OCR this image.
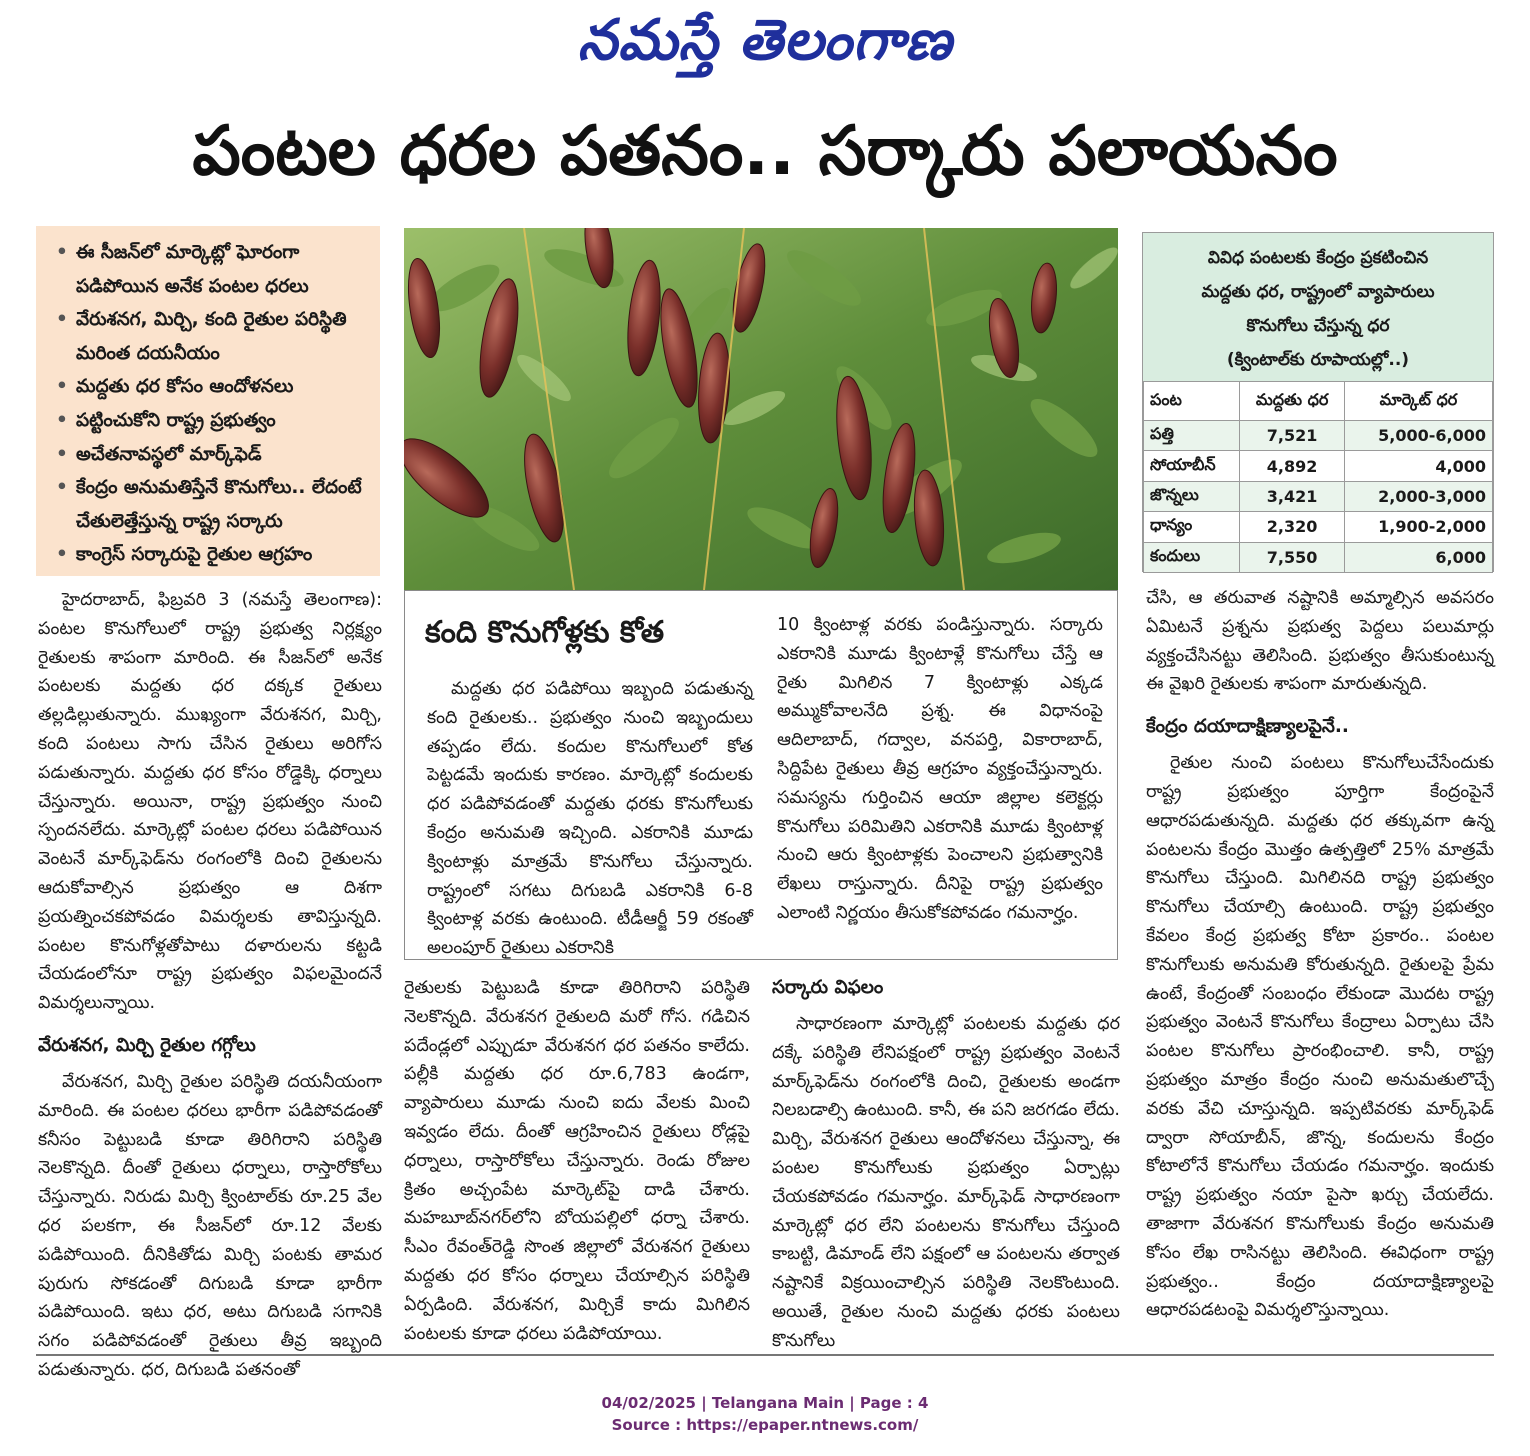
నమస్తే తెలంగాణ
పంటల ధరల పతనం.. సర్కారు పలాయనం
• ఈ సీజన్‌లో మార్కెట్లో ఘోరంగా పడిపోయిన అనేక పంటల ధరలు
• వేరుశనగ, మిర్చి, కంది రైతుల పరిస్థితి మరింత దయనీయం
• మద్దతు ధర కోసం ఆందోళనలు
• పట్టించుకోని రాష్ట్ర ప్రభుత్వం
• అచేతనావస్థలో మార్క్‌ఫెడ్
• కేంద్రం అనుమతిస్తేనే కొనుగోలు.. లేదంటే చేతులెత్తేస్తున్న రాష్ట్ర సర్కారు
• కాంగ్రెస్ సర్కారుపై రైతుల ఆగ్రహం
వివిధ పంటలకు కేంద్రం ప్రకటించిన
మద్దతు ధర, రాష్ట్రంలో వ్యాపారులు
కొనుగోలు చేస్తున్న ధర
(క్వింటాల్‌కు రూపాయల్లో..)
పంట	మద్దతు ధర	మార్కెట్ ధర
పత్తి	7,521	5,000-6,000
సోయాబీన్	4,892	4,000
జొన్నలు	3,421	2,000-3,000
ధాన్యం	2,320	1,900-2,000
కందులు	7,550	6,000

హైదరాబాద్, ఫిబ్రవరి 3 (నమస్తే తెలంగాణ): పంటల కొనుగోలులో రాష్ట్ర ప్రభుత్వ నిర్లక్ష్యం రైతులకు శాపంగా మారింది. ఈ సీజన్‌లో అనేక పంటలకు మద్దతు ధర దక్కక రైతులు తల్లడిల్లుతున్నారు. ముఖ్యంగా వేరుశనగ, మిర్చి, కంది పంటలు సాగు చేసిన రైతులు అరిగోస పడుతున్నారు. మద్దతు ధర కోసం రోడ్డెక్కి ధర్నాలు చేస్తున్నారు. అయినా, రాష్ట్ర ప్రభుత్వం నుంచి స్పందనలేదు. మార్కెట్లో పంటల ధరలు పడిపోయిన వెంటనే మార్క్‌ఫెడ్‌ను రంగంలోకి దించి రైతులను ఆదుకోవాల్సిన ప్రభుత్వం ఆ దిశగా ప్రయత్నించకపోవడం విమర్శలకు తావిస్తున్నది. పంటల కొనుగోళ్లతోపాటు దళారులను కట్టడి చేయడంలోనూ రాష్ట్ర ప్రభుత్వం విఫలమైందనే విమర్శలున్నాయి.

వేరుశనగ, మిర్చి రైతుల గగ్గోలు

వేరుశనగ, మిర్చి రైతుల పరిస్థితి దయనీయంగా మారింది. ఈ పంటల ధరలు భారీగా పడిపోవడంతో కనీసం పెట్టుబడి కూడా తిరిగిరాని పరిస్థితి నెలకొన్నది. దీంతో రైతులు ధర్నాలు, రాస్తారోకోలు చేస్తున్నారు. నిరుడు మిర్చి క్వింటాల్‌కు రూ.25 వేల ధర పలకగా, ఈ సీజన్‌లో రూ.12 వేలకు పడిపోయింది. దీనికితోడు మిర్చి పంటకు తామర పురుగు సోకడంతో దిగుబడి కూడా భారీగా పడిపోయింది. ఇటు ధర, అటు దిగుబడి సగానికి సగం పడిపోవడంతో రైతులు తీవ్ర ఇబ్బంది పడుతున్నారు. ధర, దిగుబడి పతనంతో

కంది కొనుగోళ్లకు కోత

మద్దతు ధర పడిపోయి ఇబ్బంది పడుతున్న కంది రైతులకు.. ప్రభుత్వం నుంచి ఇబ్బందులు తప్పడం లేదు. కందుల కొనుగోలులో కోత పెట్టడమే ఇందుకు కారణం. మార్కెట్లో కందులకు ధర పడిపోవడంతో మద్దతు ధరకు కొనుగోలుకు కేంద్రం అనుమతి ఇచ్చింది. ఎకరానికి మూడు క్వింటాళ్లు మాత్రమే కొనుగోలు చేస్తున్నారు. రాష్ట్రంలో సగటు దిగుబడి ఎకరానికి 6-8 క్వింటాళ్ల వరకు ఉంటుంది. టీడీఆర్జీ 59 రకంతో అలంపూర్ రైతులు ఎకరానికి

10 క్వింటాళ్ల వరకు పండిస్తున్నారు. సర్కారు ఎకరానికి మూడు క్వింటాళ్లే కొనుగోలు చేస్తే ఆ రైతు మిగిలిన 7 క్వింటాళ్లు ఎక్కడ అమ్ముకోవాలనేది ప్రశ్న. ఈ విధానంపై ఆదిలాబాద్, గద్వాల, వనపర్తి, వికారాబాద్, సిద్దిపేట రైతులు తీవ్ర ఆగ్రహం వ్యక్తంచేస్తున్నారు. సమస్యను గుర్తించిన ఆయా జిల్లాల కలెక్టర్లు కొనుగోలు పరిమితిని ఎకరానికి మూడు క్వింటాళ్ల నుంచి ఆరు క్వింటాళ్లకు పెంచాలని ప్రభుత్వానికి లేఖలు రాస్తున్నారు. దీనిపై రాష్ట్ర ప్రభుత్వం ఎలాంటి నిర్ణయం తీసుకోకపోవడం గమనార్హం.

రైతులకు పెట్టుబడి కూడా తిరిగిరాని పరిస్థితి నెలకొన్నది. వేరుశనగ రైతులది మరో గోస. గడిచిన పదేండ్లలో ఎప్పుడూ వేరుశనగ ధర పతనం కాలేదు. పల్లీకి మద్దతు ధర రూ.6,783 ఉండగా, వ్యాపారులు మూడు నుంచి ఐదు వేలకు మించి ఇవ్వడం లేదు. దీంతో ఆగ్రహించిన రైతులు రోడ్లపై ధర్నాలు, రాస్తారోకోలు చేస్తున్నారు. రెండు రోజుల క్రితం అచ్చంపేట మార్కెట్‌పై దాడి చేశారు. మహబూబ్‌నగర్‌లోని బోయపల్లిలో ధర్నా చేశారు. సీఎం రేవంత్‌రెడ్డి సొంత జిల్లాలో వేరుశనగ రైతులు మద్దతు ధర కోసం ధర్నాలు చేయాల్సిన పరిస్థితి ఏర్పడింది. వేరుశనగ, మిర్చికే కాదు మిగిలిన పంటలకు కూడా ధరలు పడిపోయాయి.

సర్కారు విఫలం

సాధారణంగా మార్కెట్లో పంటలకు మద్దతు ధర దక్కే పరిస్థితి లేనిపక్షంలో రాష్ట్ర ప్రభుత్వం వెంటనే మార్క్‌ఫెడ్‌ను రంగంలోకి దించి, రైతులకు అండగా నిలబడాల్సి ఉంటుంది. కానీ, ఈ పని జరగడం లేదు. మిర్చి, వేరుశనగ రైతులు ఆందోళనలు చేస్తున్నా, ఈ పంటల కొనుగోలుకు ప్రభుత్వం ఏర్పాట్లు చేయకపోవడం గమనార్హం. మార్క్‌ఫెడ్ సాధారణంగా మార్కెట్లో ధర లేని పంటలను కొనుగోలు చేస్తుంది కాబట్టి, డిమాండ్ లేని పక్షంలో ఆ పంటలను తర్వాత నష్టానికే విక్రయించాల్సిన పరిస్థితి నెలకొంటుంది. అయితే, రైతుల నుంచి మద్దతు ధరకు పంటలు కొనుగోలు

చేసి, ఆ తరువాత నష్టానికి అమ్మాల్సిన అవసరం ఏమిటనే ప్రశ్నను ప్రభుత్వ పెద్దలు పలుమార్లు వ్యక్తంచేసినట్టు తెలిసింది. ప్రభుత్వం తీసుకుంటున్న ఈ వైఖరి రైతులకు శాపంగా మారుతున్నది.

కేంద్రం దయాదాక్షిణ్యాలపైనే..

రైతుల నుంచి పంటలు కొనుగోలుచేసేందుకు రాష్ట్ర ప్రభుత్వం పూర్తిగా కేంద్రంపైనే ఆధారపడుతున్నది. మద్దతు ధర తక్కువగా ఉన్న పంటలను కేంద్రం మొత్తం ఉత్పత్తిలో 25% మాత్రమే కొనుగోలు చేస్తుంది. మిగిలినది రాష్ట్ర ప్రభుత్వం కొనుగోలు చేయాల్సి ఉంటుంది. రాష్ట్ర ప్రభుత్వం కేవలం కేంద్ర ప్రభుత్వ కోటా ప్రకారం.. పంటల కొనుగోలుకు అనుమతి కోరుతున్నది. రైతులపై ప్రేమ ఉంటే, కేంద్రంతో సంబంధం లేకుండా మొదట రాష్ట్ర ప్రభుత్వం వెంటనే కొనుగోలు కేంద్రాలు ఏర్పాటు చేసి పంటల కొనుగోలు ప్రారంభించాలి. కానీ, రాష్ట్ర ప్రభుత్వం మాత్రం కేంద్రం నుంచి అనుమతులొచ్చే వరకు వేచి చూస్తున్నది. ఇప్పటివరకు మార్క్‌ఫెడ్ ద్వారా సోయాబీన్, జొన్న, కందులను కేంద్రం కోటాలోనే కొనుగోలు చేయడం గమనార్హం. ఇందుకు రాష్ట్ర ప్రభుత్వం నయా పైసా ఖర్చు చేయలేదు. తాజాగా వేరుశనగ కొనుగోలుకు కేంద్రం అనుమతి కోసం లేఖ రాసినట్టు తెలిసింది. ఈవిధంగా రాష్ట్ర ప్రభుత్వం.. కేంద్రం దయాదాక్షిణ్యాలపై ఆధారపడటంపై విమర్శలొస్తున్నాయి.

04/02/2025 | Telangana Main | Page : 4
Source : https://epaper.ntnews.com/
